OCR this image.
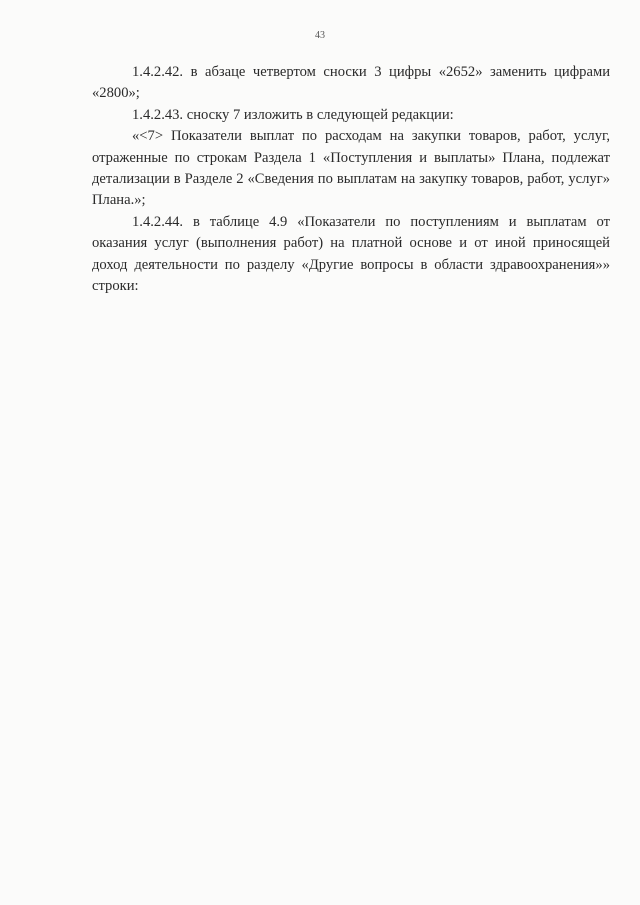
43

1.4.2.42. в абзаце четвертом сноски 3 цифры «2652» заменить цифрами «2800»;

1.4.2.43. сноску 7 изложить в следующей редакции:

«<7> Показатели выплат по расходам на закупки товаров, работ, услуг, отраженные по строкам Раздела 1 «Поступления и выплаты» Плана, подлежат детализации в Разделе 2 «Сведения по выплатам на закупку товаров, работ, услуг» Плана.»;

1.4.2.44. в таблице 4.9 «Показатели по поступлениям и выплатам от оказания услуг (выполнения работ) на платной основе и от иной приносящей доход деятельности по разделу «Другие вопросы в области здравоохранения»» строки:
